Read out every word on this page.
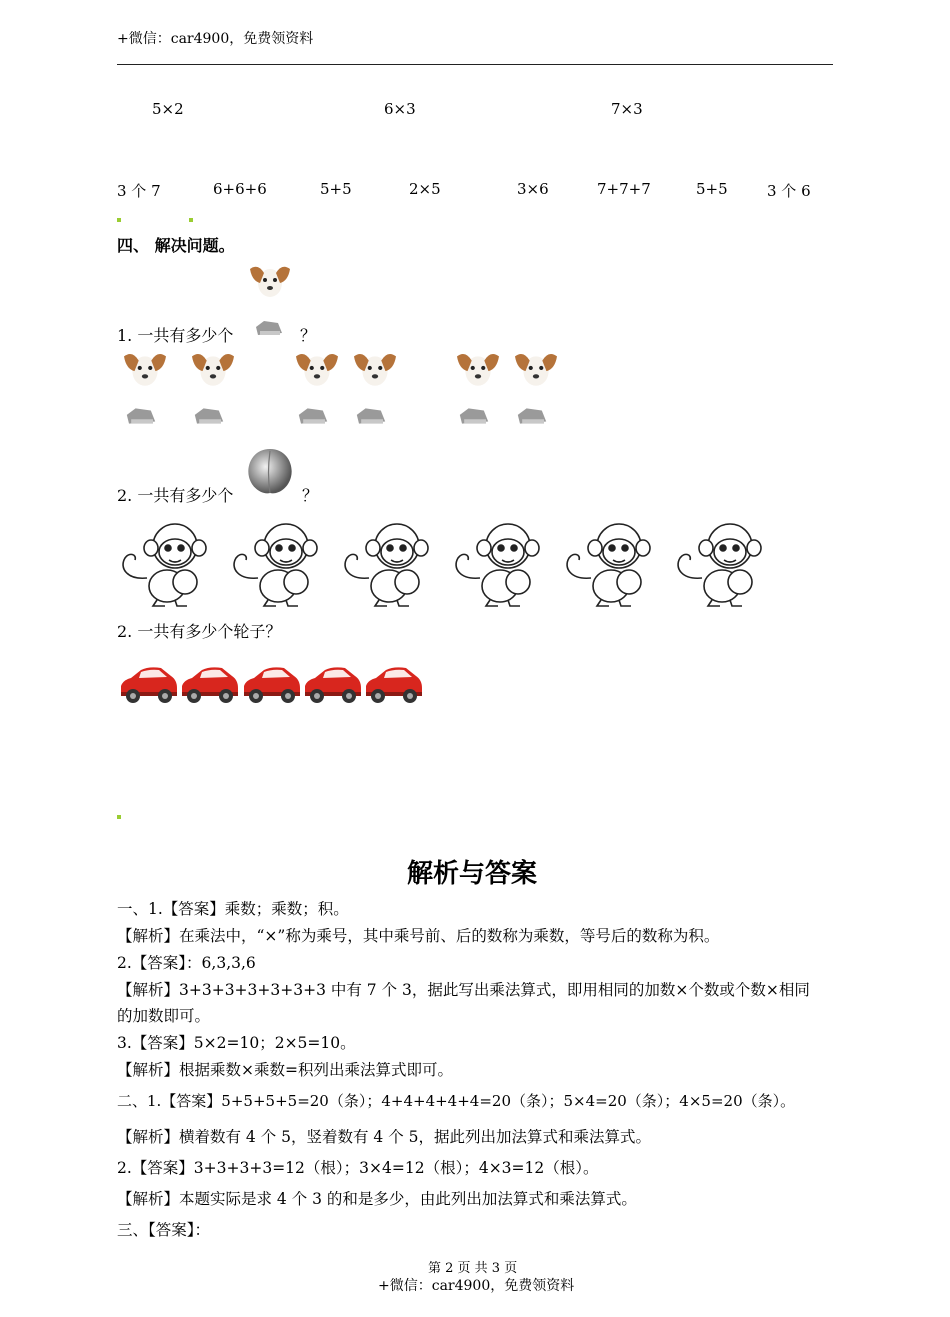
+微信：car4900，免费领资料
5×2	6×3	7×3
3 个 7	6+6+6	5+5	2×5	3×6	7+7+7	5+5	3 个 6
四、 解决问题。
1. 一共有多少个	？
2. 一共有多少个	？
2. 一共有多少个轮子？
解析与答案
一、1.【答案】乘数；乘数；积。
【解析】在乘法中，“×”称为乘号，其中乘号前、后的数称为乘数，等号后的数称为积。
2.【答案】：6,3,3,6
【解析】3+3+3+3+3+3+3 中有 7 个 3，据此写出乘法算式，即用相同的加数×个数或个数×相同
的加数即可。
3.【答案】5×2=10；2×5=10。
【解析】根据乘数×乘数=积列出乘法算式即可。
二、1.【答案】5+5+5+5=20（条）；4+4+4+4+4=20（条）；5×4=20（条）；4×5=20（条）。
【解析】横着数有 4 个 5，竖着数有 4 个 5，据此列出加法算式和乘法算式。
2.【答案】3+3+3+3=12（根）；3×4=12（根）；4×3=12（根）。
【解析】本题实际是求 4 个 3 的和是多少，由此列出加法算式和乘法算式。
三、【答案】：
第 2 页 共 3 页
+微信：car4900，免费领资料
